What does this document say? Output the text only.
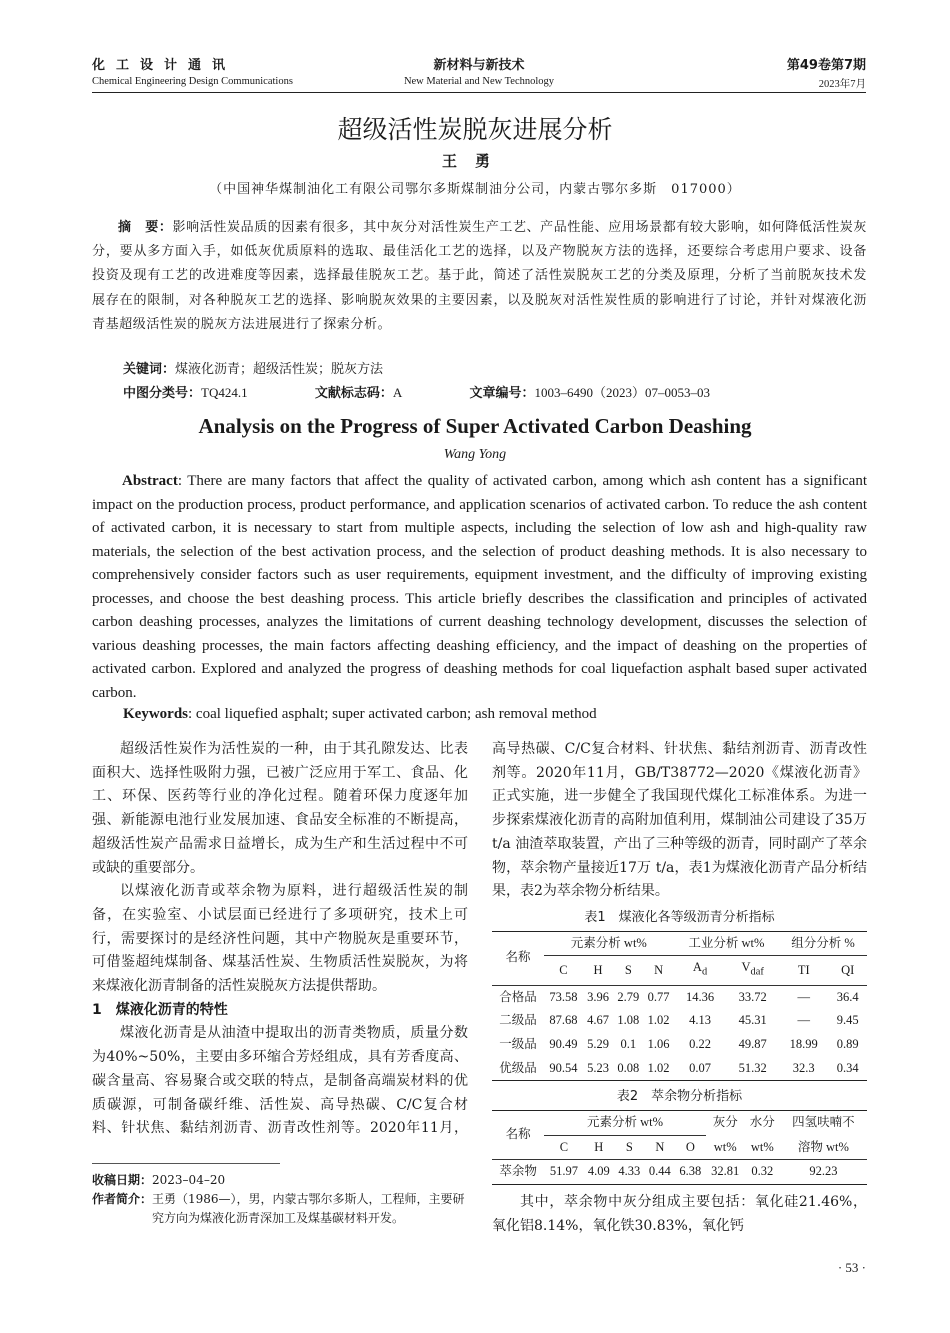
化工设计通讯
Chemical Engineering Design Communications
新材料与新技术
New Material and New Technology
第49卷第7期
2023年7月
超级活性炭脱灰进展分析
王勇
（中国神华煤制油化工有限公司鄂尔多斯煤制油分公司，内蒙古鄂尔多斯　017000）
摘　要：影响活性炭品质的因素有很多，其中灰分对活性炭生产工艺、产品性能、应用场景都有较大影响，如何降低活性炭灰分，要从多方面入手，如低灰优质原料的选取、最佳活化工艺的选择，以及产物脱灰方法的选择，还要综合考虑用户要求、设备投资及现有工艺的改进难度等因素，选择最佳脱灰工艺。基于此，简述了活性炭脱灰工艺的分类及原理，分析了当前脱灰技术发展存在的限制，对各种脱灰工艺的选择、影响脱灰效果的主要因素，以及脱灰对活性炭性质的影响进行了讨论，并针对煤液化沥青基超级活性炭的脱灰方法进展进行了探索分析。
关键词：煤液化沥青；超级活性炭；脱灰方法
中图分类号：TQ424.1	文献标志码：A	文章编号：1003–6490（2023）07–0053–03
Analysis on the Progress of Super Activated Carbon Deashing
Wang Yong
Abstract: There are many factors that affect the quality of activated carbon, among which ash content has a significant impact on the production process, product performance, and application scenarios of activated carbon. To reduce the ash content of activated carbon, it is necessary to start from multiple aspects, including the selection of low ash and high-quality raw materials, the selection of the best activation process, and the selection of product deashing methods. It is also necessary to comprehensively consider factors such as user requirements, equipment investment, and the difficulty of improving existing processes, and choose the best deashing process. This article briefly describes the classification and principles of activated carbon deashing processes, analyzes the limitations of current deashing technology development, discusses the selection of various deashing processes, the main factors affecting deashing efficiency, and the impact of deashing on the properties of activated carbon. Explored and analyzed the progress of deashing methods for coal liquefaction asphalt based super activated carbon.
Keywords: coal liquefied asphalt; super activated carbon; ash removal method

超级活性炭作为活性炭的一种，由于其孔隙发达、比表面积大、选择性吸附力强，已被广泛应用于军工、食品、化工、环保、医药等行业的净化过程。随着环保力度逐年加强、新能源电池行业发展加速、食品安全标准的不断提高，超级活性炭产品需求日益增长，成为生产和生活过程中不可或缺的重要部分。

以煤液化沥青或萃余物为原料，进行超级活性炭的制备，在实验室、小试层面已经进行了多项研究，技术上可行，需要探讨的是经济性问题，其中产物脱灰是重要环节，可借鉴超纯煤制备、煤基活性炭、生物质活性炭脱灰，为将来煤液化沥青制备的活性炭脱灰方法提供帮助。

1　煤液化沥青的特性

煤液化沥青是从油渣中提取出的沥青类物质，质量分数为40%~50%，主要由多环缩合芳烃组成，具有芳香度高、碳含量高、容易聚合或交联的特点，是制备高端炭材料的优质碳源，可制备碳纤维、活性炭、高导热碳、C/C复合材料、针状焦、黏结剂沥青、沥青改性剂等。2020年11月，

高导热碳、C/C复合材料、针状焦、黏结剂沥青、沥青改性剂等。2020年11月，GB/T38772—2020《煤液化沥青》正式实施，进一步健全了我国现代煤化工标准体系。为进一步探索煤液化沥青的高附加值利用，煤制油公司建设了35万 t/a 油渣萃取装置，产出了三种等级的沥青，同时副产了萃余物，萃余物产量接近17万 t/a，表1为煤液化沥青产品分析结果，表2为萃余物分析结果。

表1　煤液化各等级沥青分析指标
名称	元素分析 wt%				工业分析 wt%		组分分析 %	
	C	H	S	N	$A_d$	$V_{daf}$	TI	QI
合格品	73.58	3.96	2.79	0.77	14.36	33.72	—	36.4
二级品	87.68	4.67	1.08	1.02	4.13	45.31	—	9.45
一级品	90.49	5.29	0.1	1.06	0.22	49.87	18.99	0.89
优级品	90.54	5.23	0.08	1.02	0.07	51.32	32.3	0.34
表2　萃余物分析指标
名称	元素分析 wt%					灰分	水分	四氢呋喃不
	C	H	S	N	O	wt%	wt%	溶物 wt%
萃余物	51.97	4.09	4.33	0.44	6.38	32.81	0.32	92.23

其中，萃余物中灰分组成主要包括：氧化硅21.46%，氧化铝8.14%，氧化铁30.83%，氧化钙

收稿日期：2023–04–20
作者简介：王勇（1986—），男，内蒙古鄂尔多斯人，工程师，主要研究方向为煤液化沥青深加工及煤基碳材料开发。
· 53 ·
